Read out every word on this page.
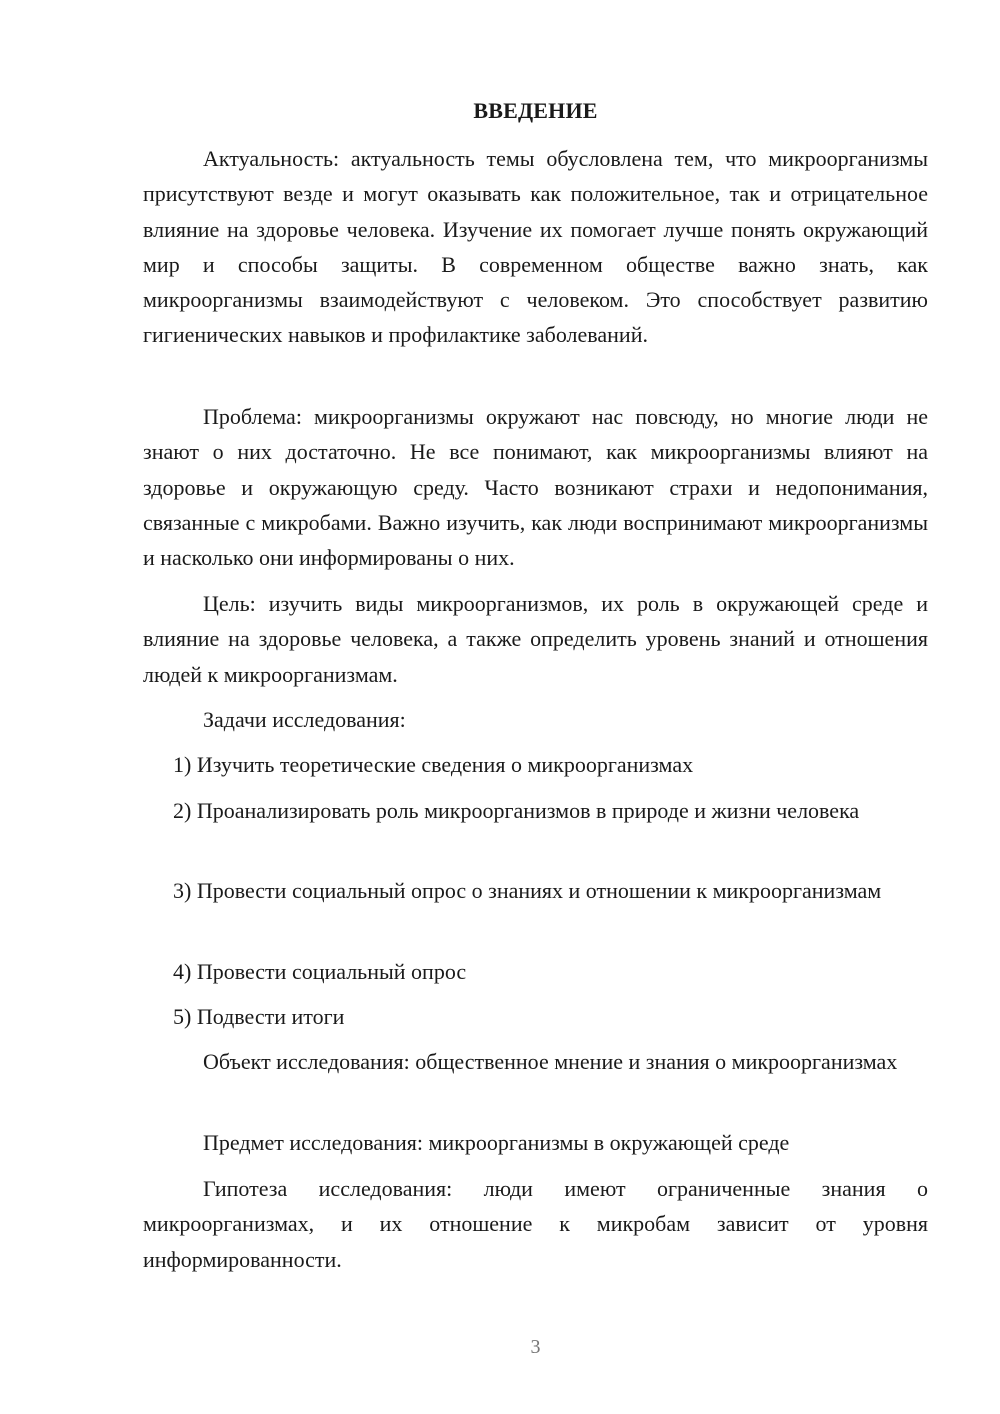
ВВЕДЕНИЕ

Актуальность: актуальность темы обусловлена тем, что микроорганизмы присутствуют везде и могут оказывать как положительное, так и отрицательное влияние на здоровье человека. Изучение их помогает лучше понять окружающий мир и способы защиты. В современном обществе важно знать, как микроорганизмы взаимодействуют с человеком. Это способствует развитию гигиенических навыков и профилактике заболеваний.

Проблема: микроорганизмы окружают нас повсюду, но многие люди не знают о них достаточно. Не все понимают, как микроорганизмы влияют на здоровье и окружающую среду. Часто возникают страхи и недопонимания, связанные с микробами. Важно изучить, как люди воспринимают микроорганизмы и насколько они информированы о них.

Цель: изучить виды микроорганизмов, их роль в окружающей среде и влияние на здоровье человека, а также определить уровень знаний и отношения людей к микроорганизмам.

Задачи исследования:

1) Изучить теоретические сведения о микроорганизмах

2) Проанализировать роль микроорганизмов в природе и жизни человека

3) Провести социальный опрос о знаниях и отношении к микроорганизмам

4) Провести социальный опрос

5) Подвести итоги

Объект исследования: общественное мнение и знания о микроорганизмах

Предмет исследования: микроорганизмы в окружающей среде

Гипотеза исследования: люди имеют ограниченные знания о микроорганизмах, и их отношение к микробам зависит от уровня информированности.

3
